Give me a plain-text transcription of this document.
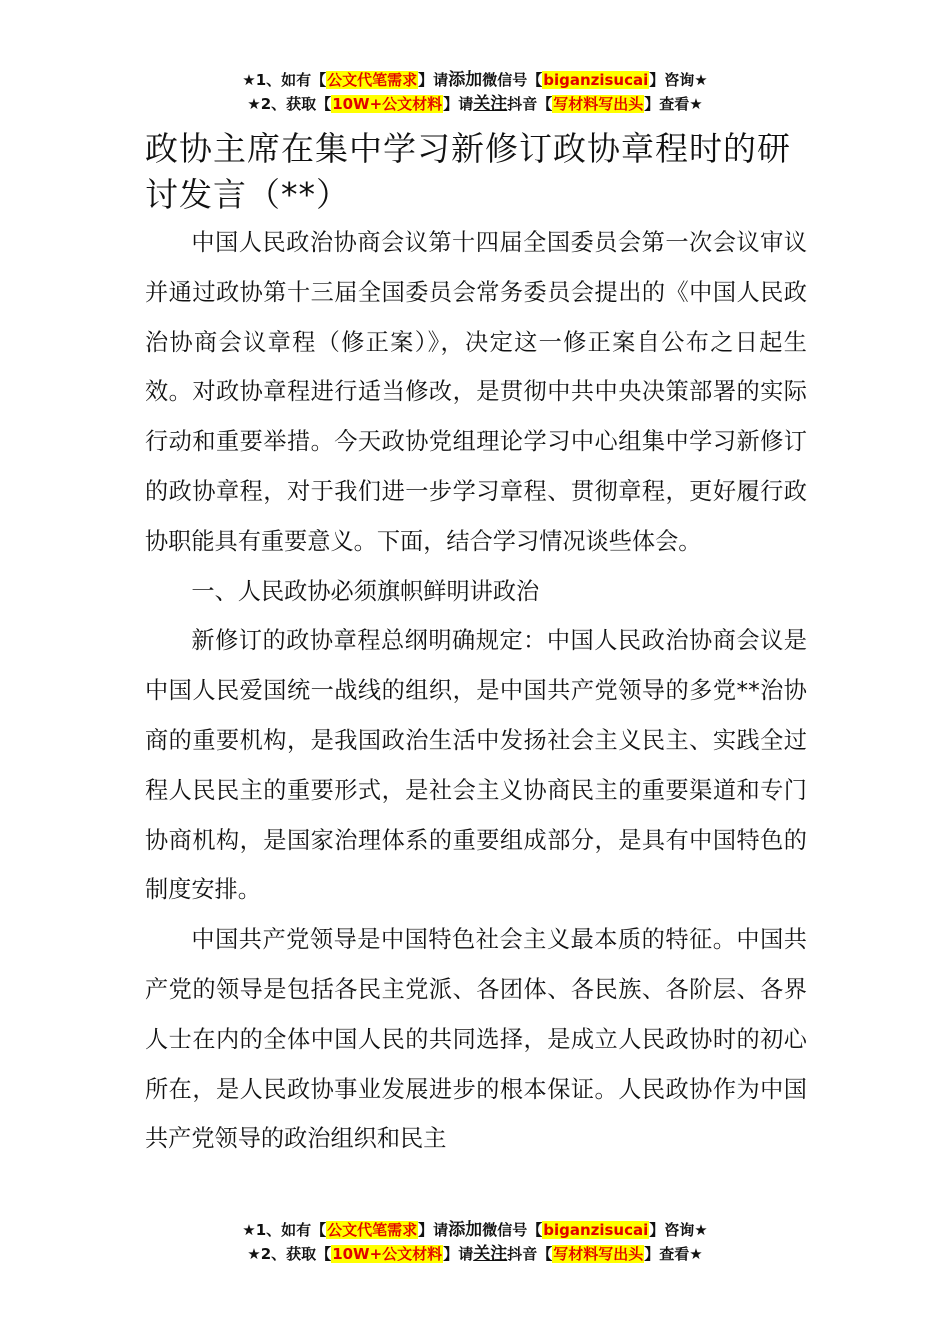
★1、如有【公文代笔需求】请添加微信号【biganzisucai】咨询★
★2、获取【10W+公文材料】请关注抖音【写材料写出头】查看★
政协主席在集中学习新修订政协章程时的研讨发言（**）

中国人民政治协商会议第十四届全国委员会第一次会议审议并通过政协第十三届全国委员会常务委员会提出的《中国人民政治协商会议章程（修正案）》，决定这一修正案自公布之日起生效。对政协章程进行适当修改，是贯彻中共中央决策部署的实际行动和重要举措。今天政协党组理论学习中心组集中学习新修订的政协章程，对于我们进一步学习章程、贯彻章程，更好履行政协职能具有重要意义。下面，结合学习情况谈些体会。

一、人民政协必须旗帜鲜明讲政治

新修订的政协章程总纲明确规定：中国人民政治协商会议是中国人民爱国统一战线的组织，是中国共产党领导的多党**治协商的重要机构，是我国政治生活中发扬社会主义民主、实践全过程人民民主的重要形式，是社会主义协商民主的重要渠道和专门协商机构，是国家治理体系的重要组成部分，是具有中国特色的制度安排。

中国共产党领导是中国特色社会主义最本质的特征。中国共产党的领导是包括各民主党派、各团体、各民族、各阶层、各界人士在内的全体中国人民的共同选择，是成立人民政协时的初心所在，是人民政协事业发展进步的根本保证。人民政协作为中国共产党领导的政治组织和民主

★1、如有【公文代笔需求】请添加微信号【biganzisucai】咨询★
★2、获取【10W+公文材料】请关注抖音【写材料写出头】查看★
